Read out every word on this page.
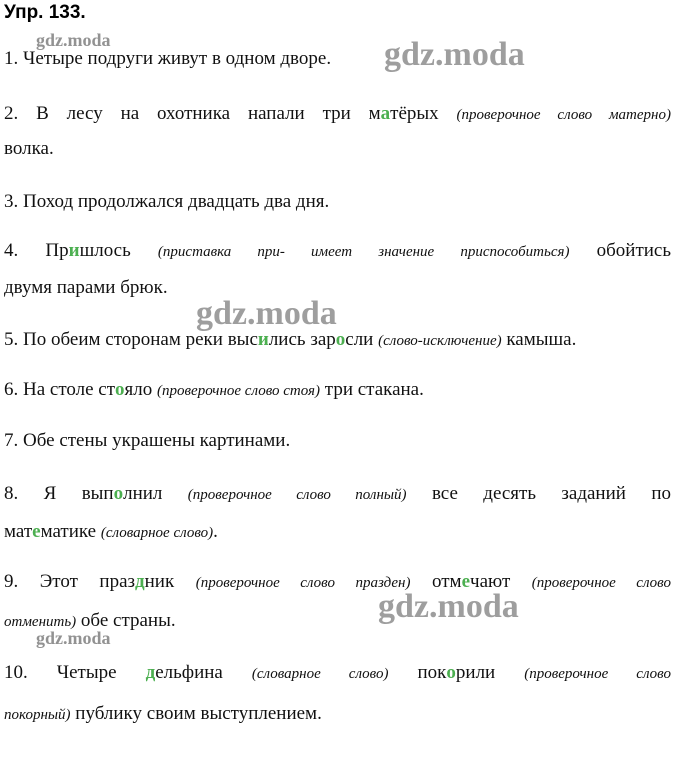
Упр. 133.
1. Четыре подруги живут в одном дворе.
2. В лесу на охотника напали три матёрых (проверочное слово матерно)
волка.
3. Поход продолжался двадцать два дня.
4. Пришлось (приставка при- имеет значение приспособиться) обойтись
двумя парами брюк.
5. По обеим сторонам реки высились заросли (слово-исключение) камыша.
6. На столе стояло (проверочное слово стоя) три стакана.
7. Обе стены украшены картинами.
8. Я выполнил (проверочное слово полный) все десять заданий по
математике (словарное слово).
9. Этот праздник (проверочное слово празден) отмечают (проверочное слово
отменить) обе страны.
10. Четыре дельфина (словарное слово) покорили (проверочное слово
покорный) публику своим выступлением.
gdz.moda	gdz.moda
gdz.moda
gdz.moda
gdz.moda
